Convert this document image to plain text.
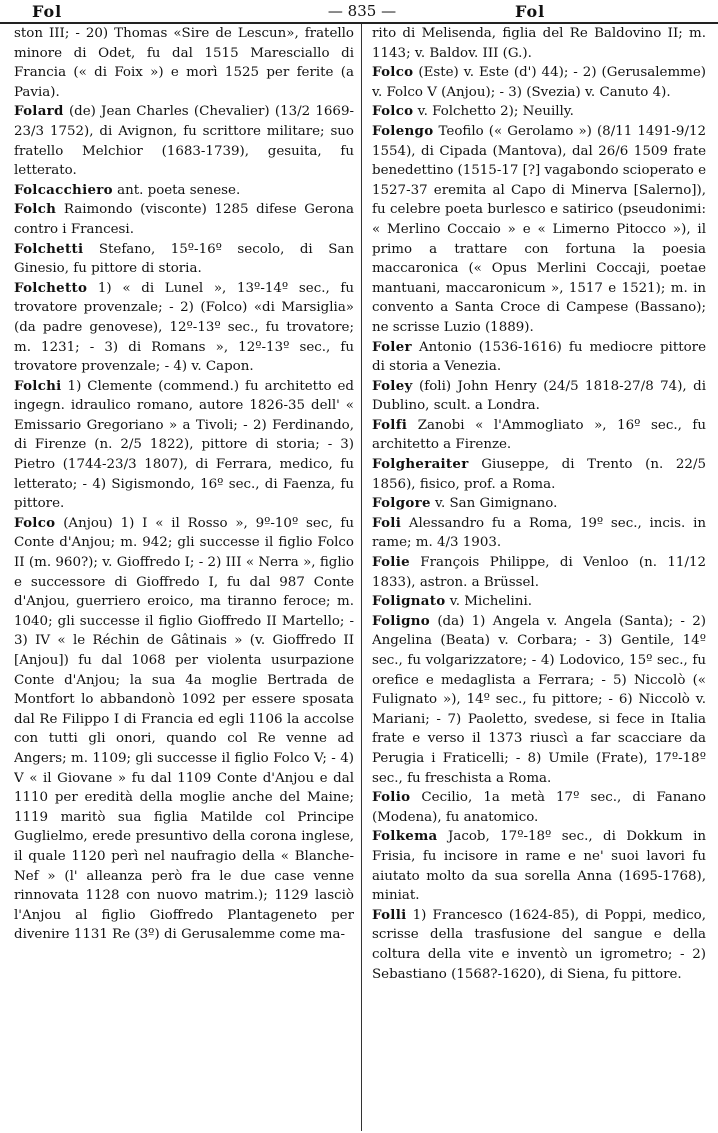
Fol	— 835 —	Fol

ston III; - 20) Thomas «Sire de Lescun», fratello minore di Odet, fu dal 1515 Maresciallo di Francia (« di Foix ») e morì 1525 per ferite (a Pavia).

Folard (de) Jean Charles (Chevalier) (13/2 1669-23/3 1752), di Avignon, fu scrittore militare; suo fratello Melchior (1683-1739), gesuita, fu letterato.

Folcacchiero ant. poeta senese.

Folch Raimondo (visconte) 1285 difese Gerona contro i Francesi.

Folchetti Stefano, 15º-16º secolo, di San Ginesio, fu pittore di storia.

Folchetto 1) « di Lunel », 13º-14º sec., fu trovatore provenzale; - 2) (Folco) «di Marsiglia» (da padre genovese), 12º-13º sec., fu trovatore; m. 1231; - 3) di Romans », 12º-13º sec., fu trovatore provenzale; - 4) v. Capon.

Folchi 1) Clemente (commend.) fu architetto ed ingegn. idraulico romano, autore 1826-35 dell' « Emissario Gregoriano » a Tivoli; - 2) Ferdinando, di Firenze (n. 2/5 1822), pittore di storia; - 3) Pietro (1744-23/3 1807), di Ferrara, medico, fu letterato; - 4) Sigismondo, 16º sec., di Faenza, fu pittore.

Folco (Anjou) 1) I « il Rosso », 9º-10º sec, fu Conte d'Anjou; m. 942; gli successe il figlio Folco II (m. 960?); v. Gioffredo I; - 2) III « Nerra », figlio e successore di Gioffredo I, fu dal 987 Conte d'Anjou, guerriero eroico, ma tiranno feroce; m. 1040; gli successe il figlio Gioffredo II Martello; - 3) IV « le Réchin de Gâtinais » (v. Gioffredo II [Anjou]) fu dal 1068 per violenta usurpazione Conte d'Anjou; la sua 4a moglie Bertrada de Montfort lo abbandonò 1092 per essere sposata dal Re Filippo I di Francia ed egli 1106 la accolse con tutti gli onori, quando col Re venne ad Angers; m. 1109; gli successe il figlio Folco V; - 4) V « il Giovane » fu dal 1109 Conte d'Anjou e dal 1110 per eredità della moglie anche del Maine; 1119 maritò sua figlia Matilde col Principe Guglielmo, erede presuntivo della corona inglese, il quale 1120 perì nel naufragio della « Blanche-Nef » (l' alleanza però fra le due case venne rinnovata 1128 con nuovo matrim.); 1129 lasciò l'Anjou al figlio Gioffredo Plantageneto per divenire 1131 Re (3º) di Gerusalemme come ma-

rito di Melisenda, figlia del Re Baldovino II; m. 1143; v. Baldov. III (G.).

Folco (Este) v. Este (d') 44); - 2) (Gerusalemme) v. Folco V (Anjou); - 3) (Svezia) v. Canuto 4).

Folco v. Folchetto 2); Neuilly.

Folengo Teofilo (« Gerolamo ») (8/11 1491-9/12 1554), di Cipada (Mantova), dal 26/6 1509 frate benedettino (1515-17 [?] vagabondo scioperato e 1527-37 eremita al Capo di Minerva [Salerno]), fu celebre poeta burlesco e satirico (pseudonimi: « Merlino Coccaio » e « Limerno Pitocco »), il primo a trattare con fortuna la poesia maccaronica (« Opus Merlini Coccaji, poetae mantuani, maccaronicum », 1517 e 1521); m. in convento a Santa Croce di Campese (Bassano); ne scrisse Luzio (1889).

Foler Antonio (1536-1616) fu mediocre pittore di storia a Venezia.

Foley (foli) John Henry (24/5 1818-27/8 74), di Dublino, scult. a Londra.

Folfi Zanobi « l'Ammogliato », 16º sec., fu architetto a Firenze.

Folgheraiter Giuseppe, di Trento (n. 22/5 1856), fisico, prof. a Roma.

Folgore v. San Gimignano.

Foli Alessandro fu a Roma, 19º sec., incis. in rame; m. 4/3 1903.

Folie François Philippe, di Venloo (n. 11/12 1833), astron. a Brüssel.

Folignato v. Michelini.

Foligno (da) 1) Angela v. Angela (Santa); - 2) Angelina (Beata) v. Corbara; - 3) Gentile, 14º sec., fu volgarizzatore; - 4) Lodovico, 15º sec., fu orefice e medaglista a Ferrara; - 5) Niccolò (« Fulignato »), 14º sec., fu pittore; - 6) Niccolò v. Mariani; - 7) Paoletto, svedese, si fece in Italia frate e verso il 1373 riuscì a far scacciare da Perugia i Fraticelli; - 8) Umile (Frate), 17º-18º sec., fu freschista a Roma.

Folio Cecilio, 1a metà 17º sec., di Fanano (Modena), fu anatomico.

Folkema Jacob, 17º-18º sec., di Dokkum in Frisia, fu incisore in rame e ne' suoi lavori fu aiutato molto da sua sorella Anna (1695-1768), miniat.

Folli 1) Francesco (1624-85), di Poppi, medico, scrisse della trasfusione del sangue e della coltura della vite e inventò un igrometro; - 2) Sebastiano (1568?-1620), di Siena, fu pittore.
